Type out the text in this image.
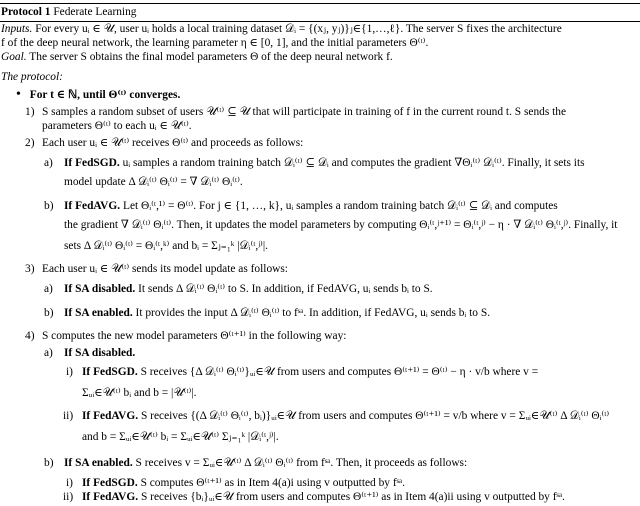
Protocol 1 Federate Learning
Inputs. For every uᵢ ∈ 𝒰, user uᵢ holds a local training dataset 𝒟ᵢ = {(xⱼ, yⱼ)}ⱼ∈{1,…,ℓ}. The server S fixes the architecture
f of the deep neural network, the learning parameter η ∈ [0, 1], and the initial parameters Θ⁽ᵗ⁾.
Goal. The server S obtains the final model parameters Θ of the deep neural network f.
The protocol:
• For t ∈ ℕ, until Θ⁽ᵗ⁾ converges.
1) S samples a random subset of users 𝒰⁽ᵗ⁾ ⊆ 𝒰 that will participate in training of f in the current round t. S sends the
parameters Θ⁽ᵗ⁾ to each uᵢ ∈ 𝒰⁽ᵗ⁾.
2) Each user uᵢ ∈ 𝒰⁽ᵗ⁾ receives Θ⁽ᵗ⁾ and proceeds as follows:
a) If FedSGD. uᵢ samples a random training batch 𝒟ᵢ⁽ᵗ⁾ ⊆ 𝒟ᵢ and computes the gradient ∇Θᵢ⁽ᵗ⁾ 𝒟ᵢ⁽ᵗ⁾. Finally, it sets its
model update Δ 𝒟ᵢ⁽ᵗ⁾ Θᵢ⁽ᵗ⁾ = ∇ 𝒟ᵢ⁽ᵗ⁾ Θᵢ⁽ᵗ⁾.
b) If FedAVG. Let Θᵢ⁽ᵗ,¹⁾ = Θ⁽ᵗ⁾. For j ∈ {1, …, k}, uᵢ samples a random training batch 𝒟ᵢ⁽ᵗ⁾ ⊆ 𝒟ᵢ and computes
the gradient ∇ 𝒟ᵢ⁽ᵗ⁾ Θᵢ⁽ᵗ⁾. Then, it updates the model parameters by computing Θᵢ⁽ᵗ,ʲ⁺¹⁾ = Θᵢ⁽ᵗ,ʲ⁾ − η · ∇ 𝒟ᵢ⁽ᵗ⁾ Θᵢ⁽ᵗ,ʲ⁾. Finally, it
sets Δ 𝒟ᵢ⁽ᵗ⁾ Θᵢ⁽ᵗ⁾ = Θᵢ⁽ᵗ,ᵏ⁾ and bᵢ = Σⱼ₌₁ᵏ |𝒟ᵢ⁽ᵗ,ʲ⁾|.
3) Each user uᵢ ∈ 𝒰⁽ᵗ⁾ sends its model update as follows:
a) If SA disabled. It sends Δ 𝒟ᵢ⁽ᵗ⁾ Θᵢ⁽ᵗ⁾ to S. In addition, if FedAVG, uᵢ sends bᵢ to S.
b) If SA enabled. It provides the input Δ 𝒟ᵢ⁽ᵗ⁾ Θᵢ⁽ᵗ⁾ to fˢᵃ. In addition, if FedAVG, uᵢ sends bᵢ to S.
4) S computes the new model parameters Θ⁽ᵗ⁺¹⁾ in the following way:
a) If SA disabled.
i) If FedSGD. S receives {Δ 𝒟ᵢ⁽ᵗ⁾ Θᵢ⁽ᵗ⁾}ᵤᵢ∈𝒰 from users and computes Θ⁽ᵗ⁺¹⁾ = Θ⁽ᵗ⁾ − η · v/b where v =
Σᵤᵢ∈𝒰⁽ᵗ⁾ bᵢ and b = |𝒰⁽ᵗ⁾|.
ii) If FedAVG. S receives {(Δ 𝒟ᵢ⁽ᵗ⁾ Θᵢ⁽ᵗ⁾, bᵢ)}ᵤᵢ∈𝒰 from users and computes Θ⁽ᵗ⁺¹⁾ = v/b where v = Σᵤᵢ∈𝒰⁽ᵗ⁾ Δ 𝒟ᵢ⁽ᵗ⁾ Θᵢ⁽ᵗ⁾
and b = Σᵤᵢ∈𝒰⁽ᵗ⁾ bᵢ = Σᵤᵢ∈𝒰⁽ᵗ⁾ Σⱼ₌₁ᵏ |𝒟ᵢ⁽ᵗ,ʲ⁾|.
b) If SA enabled. S receives v = Σᵤᵢ∈𝒰⁽ᵗ⁾ Δ 𝒟ᵢ⁽ᵗ⁾ Θᵢ⁽ᵗ⁾ from fˢᵃ. Then, it proceeds as follows:
i) If FedSGD. S computes Θ⁽ᵗ⁺¹⁾ as in Item 4(a)i using v outputted by fˢᵃ.
ii) If FedAVG. S receives {bᵢ}ᵤᵢ∈𝒰 from users and computes Θ⁽ᵗ⁺¹⁾ as in Item 4(a)ii using v outputted by fˢᵃ.
